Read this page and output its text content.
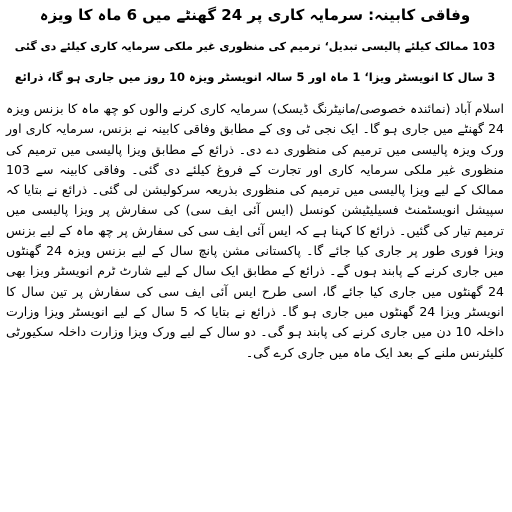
وفاقی کابینہ: سرمایہ کاری پر 24 گھنٹے میں 6 ماہ کا ویزہ
103 ممالک کیلئے پالیسی تبدیل‘ ترمیم کی منظوری غیر ملکی سرمایہ کاری کیلئے دی گئی
3 سال کا انویسٹر ویزا‘ 1 ماہ اور 5 سالہ انویسٹر ویزہ 10 روز میں جاری ہو گا، ذرائع

اسلام آباد (نمائندہ خصوصی/مانیٹرنگ ڈیسک) سرمایہ کاری کرنے والوں کو چھ ماہ کا بزنس ویزہ 24 گھنٹے میں جاری ہو گا۔ ایک نجی ٹی وی کے مطابق وفاقی کابینہ نے بزنس، سرمایہ کاری اور ورک ویزہ پالیسی میں ترمیم کی منظوری دے دی۔ ذرائع کے مطابق ویزا پالیسی میں ترمیم کی منظوری غیر ملکی سرمایہ کاری اور تجارت کے فروغ کیلئے دی گئی۔ وفاقی کابینہ سے 103 ممالک کے لیے ویزا پالیسی میں ترمیم کی منظوری بذریعہ سرکولیشن لی گئی۔ ذرائع نے بتایا کہ سپیشل انویسٹمنٹ فسیلیٹیشن کونسل (ایس آئی ایف سی) کی سفارش پر ویزا پالیسی میں ترمیم تیار کی گئیں۔ ذرائع کا کہنا ہے کہ ایس آئی ایف سی کی سفارش پر چھ ماہ کے لیے بزنس ویزا فوری طور پر جاری کیا جائے گا۔ پاکستانی مشن پانچ سال کے لیے بزنس ویزہ 24 گھنٹوں میں جاری کرنے کے پابند ہوں گے۔ ذرائع کے مطابق ایک سال کے لیے شارٹ ٹرم انویسٹر ویزا بھی 24 گھنٹوں میں جاری کیا جائے گا، اسی طرح ایس آئی ایف سی کی سفارش پر تین سال کا انویسٹر ویزا 24 گھنٹوں میں جاری ہو گا۔ ذرائع نے بتایا کہ 5 سال کے لیے انویسٹر ویزا وزارت داخلہ 10 دن میں جاری کرنے کی پابند ہو گی۔ دو سال کے لیے ورک ویزا وزارت داخلہ سکیورٹی کلیئرنس ملنے کے بعد ایک ماہ میں جاری کرے گی۔
